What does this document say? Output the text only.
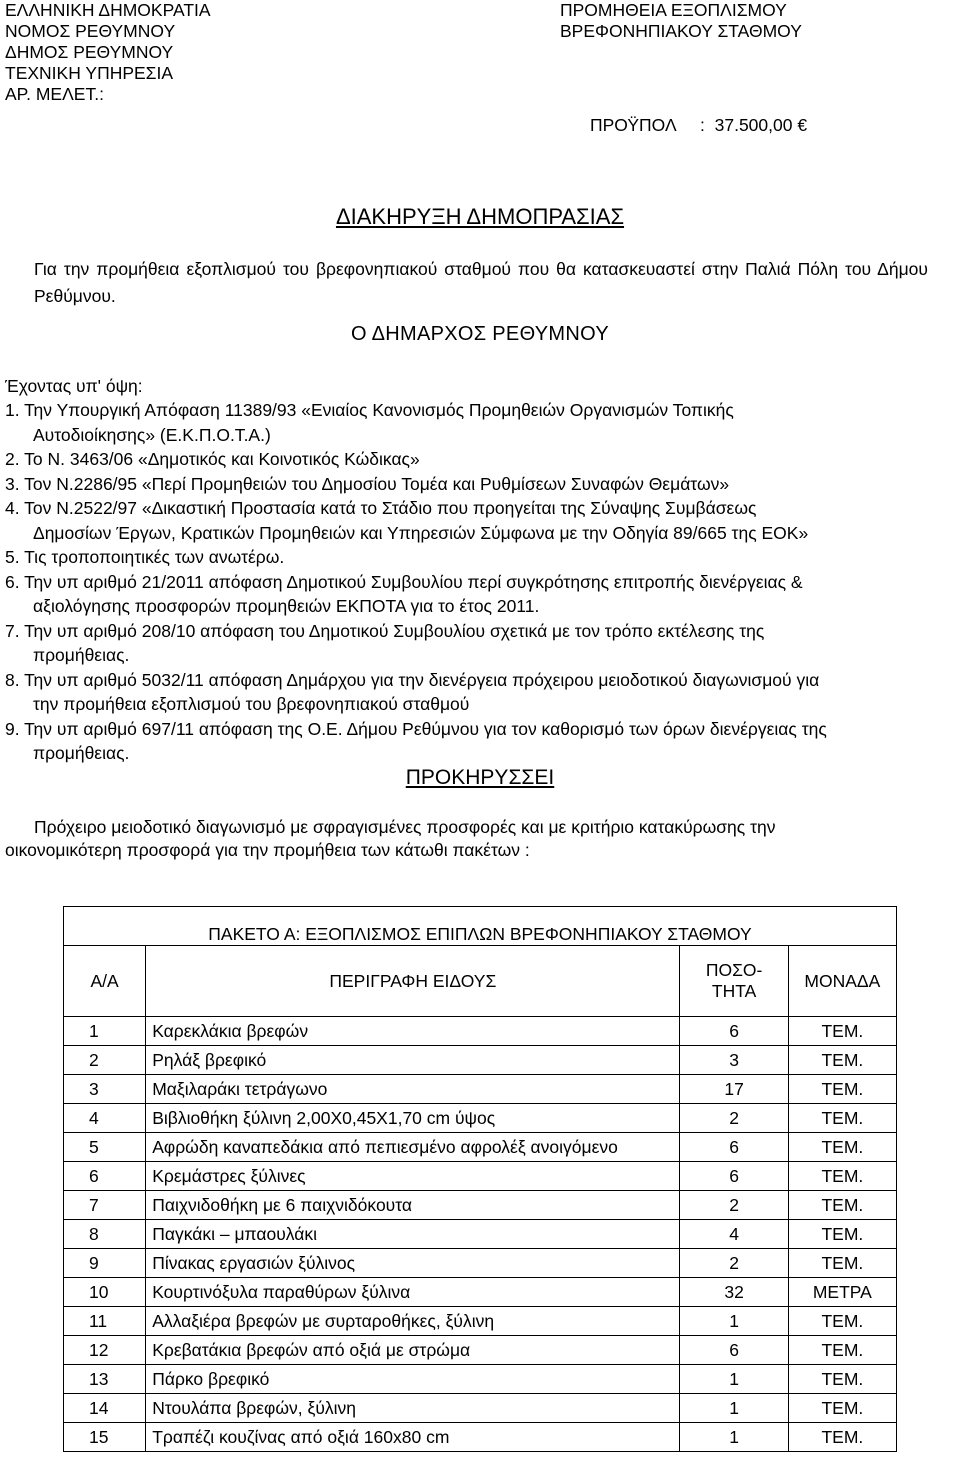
ΕΛΛΗΝΙΚΗ ΔΗΜΟΚΡΑΤΙΑ
ΝΟΜΟΣ ΡΕΘΥΜΝΟΥ
ΔΗΜΟΣ ΡΕΘΥΜΝΟΥ
ΤΕΧΝΙΚΗ ΥΠΗΡΕΣΙΑ
ΑΡ. ΜΕΛΕΤ.:
ΠΡΟΜΗΘΕΙΑ ΕΞΟΠΛΙΣΜΟΥ
ΒΡΕΦΟΝΗΠΙΑΚΟΥ ΣΤΑΘΜΟΥ
ΠΡΟΫΠΟΛ : 37.500,00 €
ΔΙΑΚΗΡΥΞΗ ΔΗΜΟΠΡΑΣΙΑΣ
Για την προμήθεια εξοπλισμού του βρεφονηπιακού σταθμού που θα κατασκευαστεί στην Παλιά Πόλη του Δήμου Ρεθύμνου.
Ο ΔΗΜΑΡΧΟΣ ΡΕΘΥΜΝΟΥ
Έχοντας υπ' όψη:
1. Την Υπουργική Απόφαση 11389/93 «Ενιαίος Κανονισμός Προμηθειών Οργανισμών Τοπικής
Αυτοδιοίκησης» (Ε.Κ.Π.Ο.Τ.Α.)
2. Το Ν. 3463/06 «Δημοτικός και Κοινοτικός Κώδικας»
3. Τον Ν.2286/95 «Περί Προμηθειών του Δημοσίου Τομέα και Ρυθμίσεων Συναφών Θεμάτων»
4. Τον Ν.2522/97 «Δικαστική Προστασία κατά το Στάδιο που προηγείται της Σύναψης Συμβάσεως
Δημοσίων Έργων, Κρατικών Προμηθειών και Υπηρεσιών Σύμφωνα με την Οδηγία 89/665 της ΕΟΚ»
5. Τις τροποποιητικές των ανωτέρω.
6. Την υπ αριθμό 21/2011 απόφαση Δημοτικού Συμβουλίου περί συγκρότησης επιτροπής διενέργειας &
αξιολόγησης προσφορών προμηθειών ΕΚΠΟΤΑ για το έτος 2011.
7. Την υπ αριθμό 208/10 απόφαση του Δημοτικού Συμβουλίου σχετικά με τον τρόπο εκτέλεσης της
προμήθειας.
8. Την υπ αριθμό 5032/11 απόφαση Δημάρχου για την διενέργεια πρόχειρου μειοδοτικού διαγωνισμού για
την προμήθεια εξοπλισμού του βρεφονηπιακού σταθμού
9. Την υπ αριθμό 697/11 απόφαση της Ο.Ε. Δήμου Ρεθύμνου για τον καθορισμό των όρων διενέργειας της
προμήθειας.
ΠΡΟΚΗΡΥΣΣΕΙ
Πρόχειρο μειοδοτικό διαγωνισμό με σφραγισμένες προσφορές και με κριτήριο κατακύρωσης την
οικονομικότερη προσφορά για την προμήθεια των κάτωθι πακέτων :
ΠΑΚΕΤΟ Α: ΕΞΟΠΛΙΣΜΟΣ ΕΠΙΠΛΩΝ ΒΡΕΦΟΝΗΠΙΑΚΟΥ ΣΤΑΘΜΟΥ			
Α/Α	ΠΕΡΙΓΡΑΦΗ ΕΙΔΟΥΣ	ΠΟΣΟ-
ΤΗΤΑ	ΜΟΝΑΔΑ
1	Καρεκλάκια βρεφών	6	ΤΕΜ.
2	Ρηλάξ βρεφικό	3	ΤΕΜ.
3	Μαξιλαράκι τετράγωνο	17	ΤΕΜ.
4	Βιβλιοθήκη ξύλινη 2,00Χ0,45Χ1,70 cm ύψος	2	ΤΕΜ.
5	Αφρώδη καναπεδάκια από πεπιεσμένο αφρολέξ ανοιγόμενο	6	ΤΕΜ.
6	Κρεμάστρες ξύλινες	6	ΤΕΜ.
7	Παιχνιδοθήκη με 6 παιχνιδόκουτα	2	ΤΕΜ.
8	Παγκάκι – μπαουλάκι	4	ΤΕΜ.
9	Πίνακας εργασιών ξύλινος	2	ΤΕΜ.
10	Κουρτινόξυλα παραθύρων ξύλινα	32	ΜΕΤΡΑ
11	Αλλαξιέρα βρεφών με συρταροθήκες, ξύλινη	1	ΤΕΜ.
12	Κρεβατάκια βρεφών από οξιά με στρώμα	6	ΤΕΜ.
13	Πάρκο βρεφικό	1	ΤΕΜ.
14	Ντουλάπα βρεφών, ξύλινη	1	ΤΕΜ.
15	Τραπέζι κουζίνας από οξιά 160x80 cm	1	ΤΕΜ.
